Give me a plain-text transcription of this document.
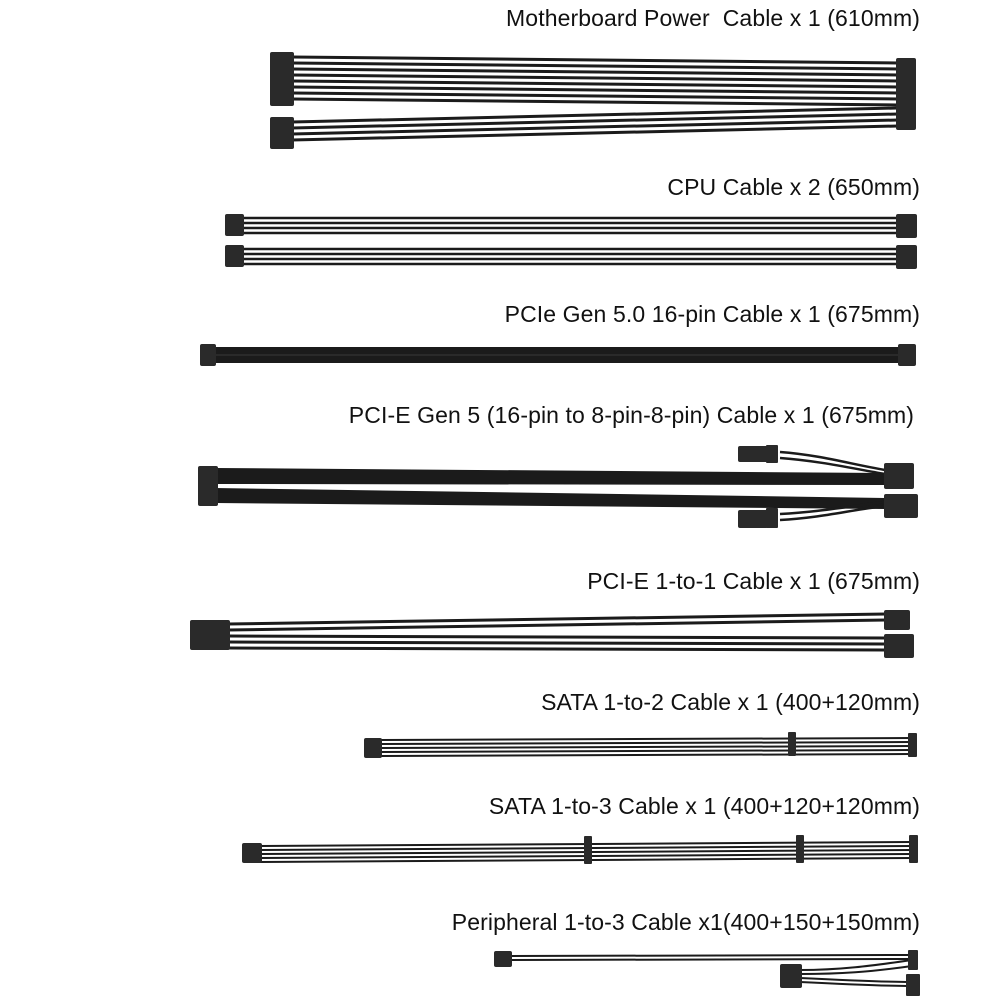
Motherboard Power  Cable x 1 (610mm)
CPU Cable x 2 (650mm)
PCIe Gen 5.0 16-pin Cable x 1 (675mm)
PCI-E Gen 5 (16-pin to 8-pin-8-pin) Cable x 1 (675mm)
PCI-E 1-to-1 Cable x 1 (675mm)
SATA 1-to-2 Cable x 1 (400+120mm)
SATA 1-to-3 Cable x 1 (400+120+120mm)
Peripheral 1-to-3 Cable x1(400+150+150mm)
